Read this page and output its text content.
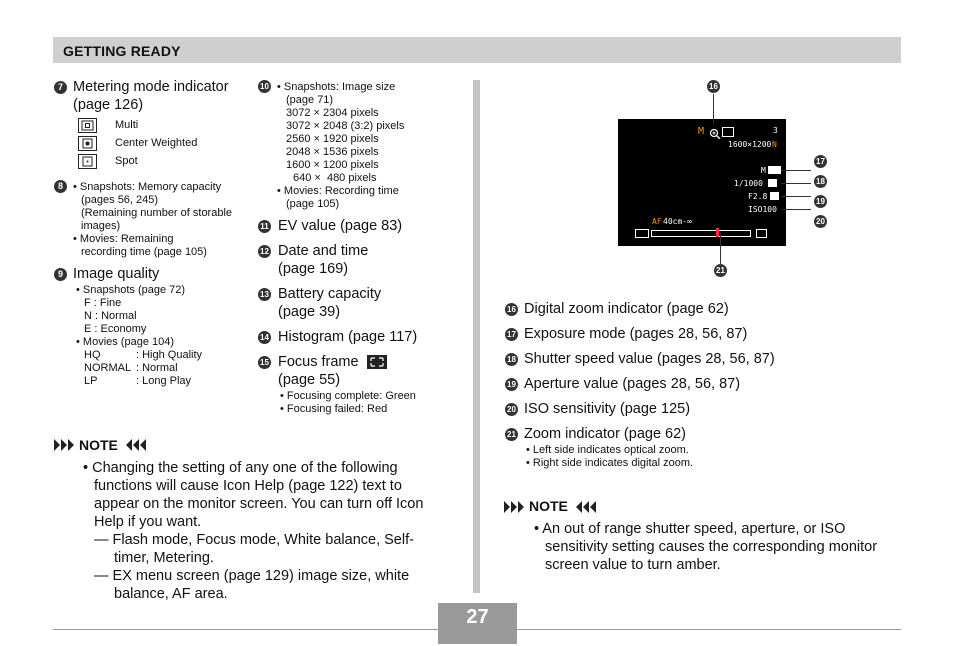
GETTING READY
7 Metering mode indicator
(page 126)
Multi
Center Weighted
Spot
8 • Snapshots: Memory capacity
(pages 56, 245)
(Remaining number of storable
images)
• Movies: Remaining
recording time (page 105)
9 Image quality
• Snapshots (page 72)
F : Fine
N : Normal
E : Economy
• Movies (page 104)
HQ	: High Quality
NORMAL : Normal
LP	: Long Play
10 • Snapshots: Image size
(page 71)
3072 × 2304 pixels
3072 × 2048 (3:2) pixels
2560 × 1920 pixels
2048 × 1536 pixels
1600 × 1200 pixels
640 ×  480 pixels
• Movies: Recording time
(page 105)
11 EV value (page 83)
12 Date and time
(page 169)
13 Battery capacity
(page 39)
14 Histogram (page 117)
15 Focus frame
(page 55)
• Focusing complete: Green
• Focusing failed: Red
NOTE
• Changing the setting of any one of the following functions will cause Icon Help (page 122) text to appear on the monitor screen. You can turn off Icon Help if you want.
— Flash mode, Focus mode, White balance, Self-timer, Metering.
— EX menu screen (page 129) image size, white balance, AF area.
M	3
1600×1200 N
M
1/1000
F2.8
ISO100
AF 40cm-∞
16
17
18
19
20
21
16 Digital zoom indicator (page 62)
17 Exposure mode (pages 28, 56, 87)
18 Shutter speed value (pages 28, 56, 87)
19 Aperture value (pages 28, 56, 87)
20 ISO sensitivity (page 125)
21 Zoom indicator (page 62)
• Left side indicates optical zoom.
• Right side indicates digital zoom.
NOTE
• An out of range shutter speed, aperture, or ISO sensitivity setting causes the corresponding monitor screen value to turn amber.
27
